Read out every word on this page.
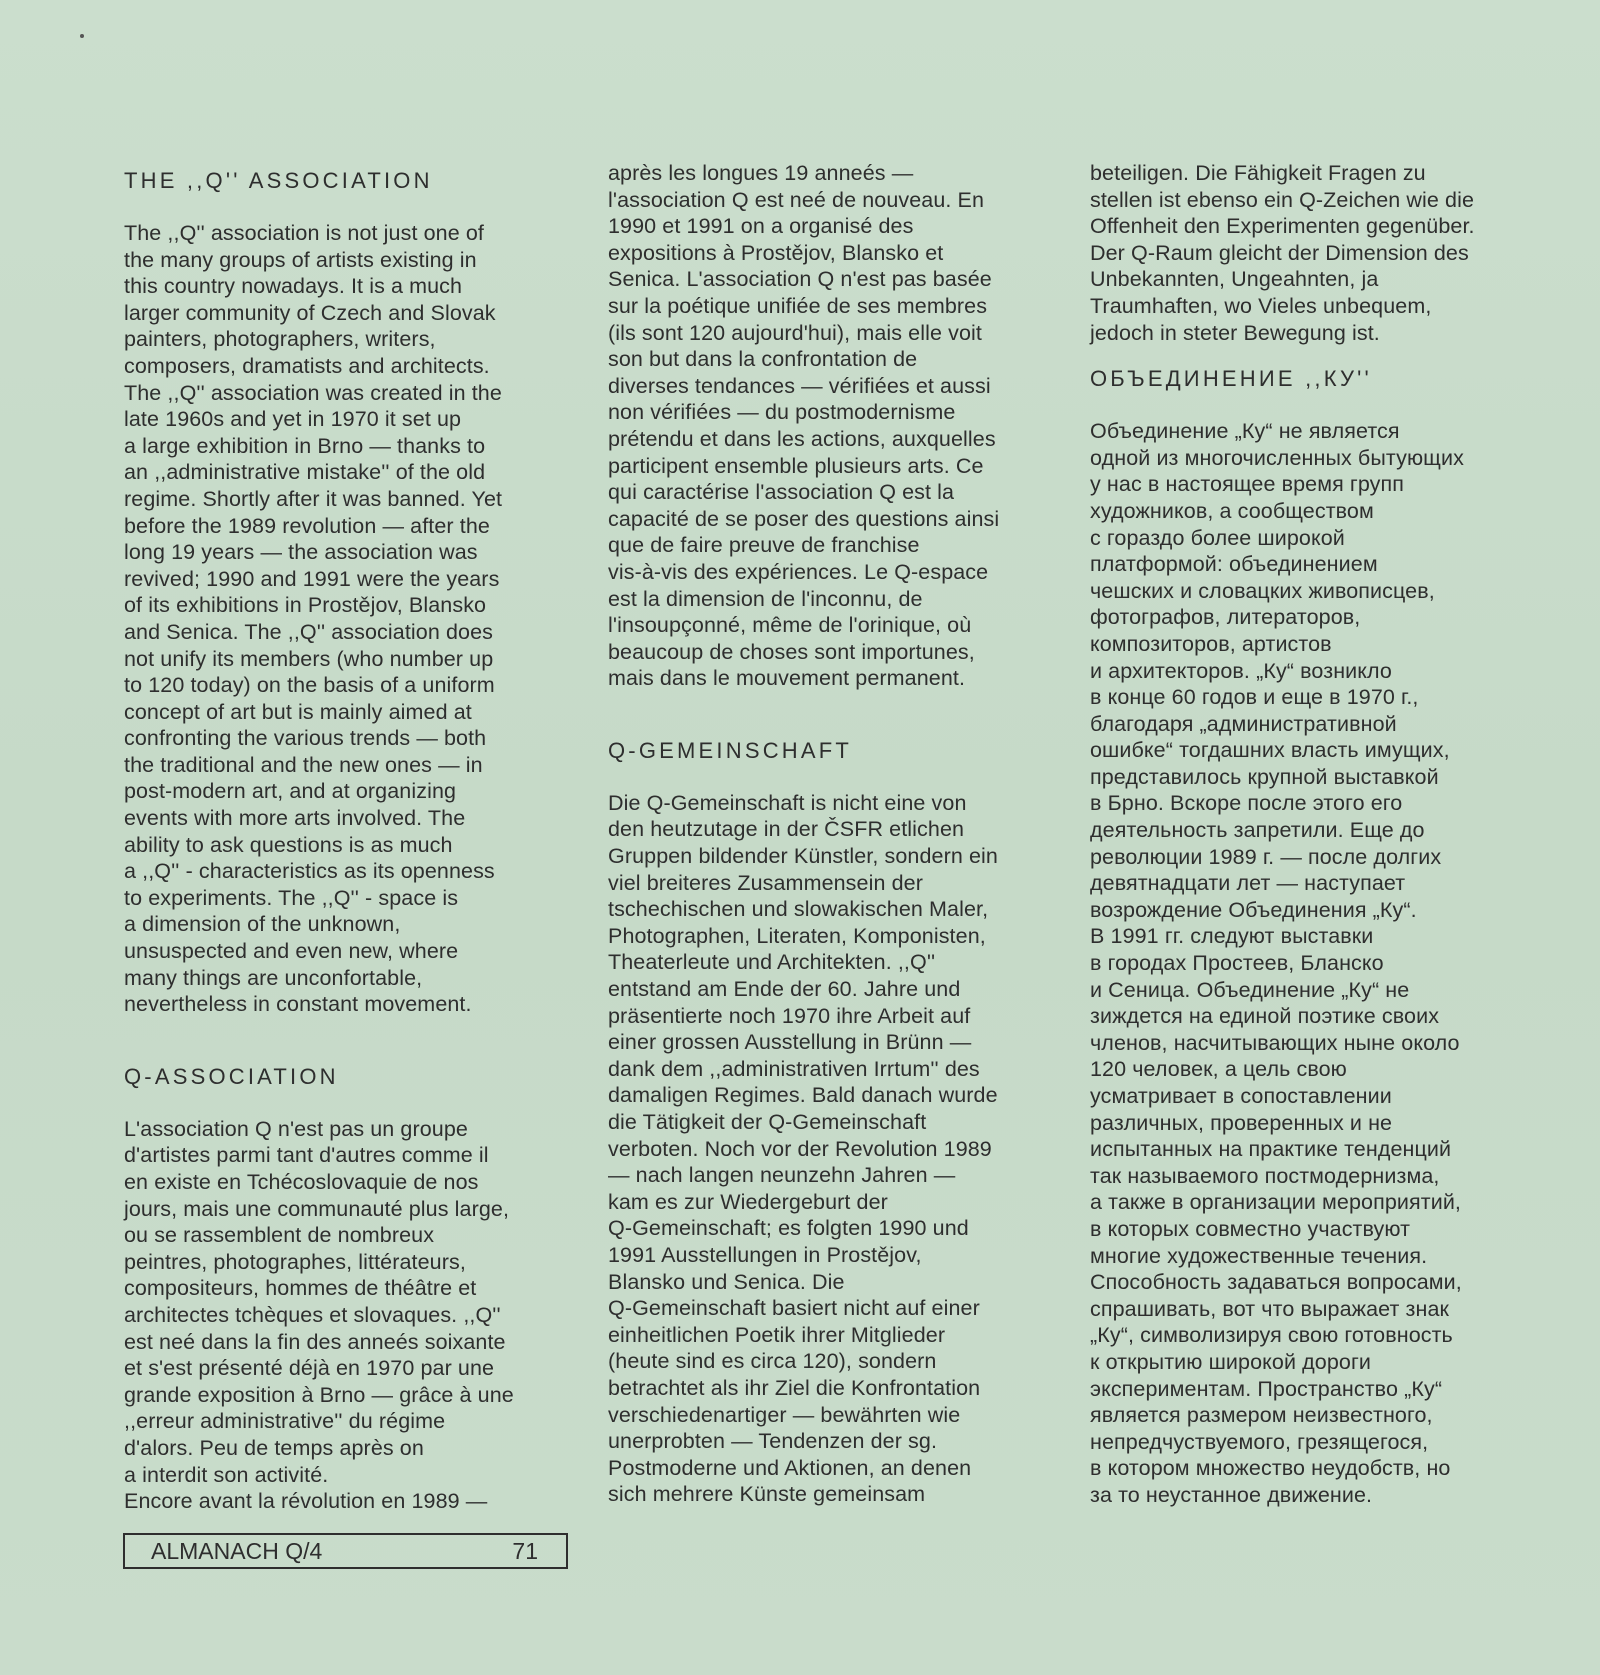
THE ,,Q'' ASSOCIATION
The ,,Q'' association is not just one of
the many groups of artists existing in
this country nowadays. It is a much
larger community of Czech and Slovak
painters, photographers, writers,
composers, dramatists and architects.
The ,,Q'' association was created in the
late 1960s and yet in 1970 it set up
a large exhibition in Brno — thanks to
an ,,administrative mistake'' of the old
regime. Shortly after it was banned. Yet
before the 1989 revolution — after the
long 19 years — the association was
revived; 1990 and 1991 were the years
of its exhibitions in Prostějov, Blansko
and Senica. The ,,Q'' association does
not unify its members (who number up
to 120 today) on the basis of a uniform
concept of art but is mainly aimed at
confronting the various trends — both
the traditional and the new ones — in
post-modern art, and at organizing
events with more arts involved. The
ability to ask questions is as much
a ,,Q'' - characteristics as its openness
to experiments. The ,,Q'' - space is
a dimension of the unknown,
unsuspected and even new, where
many things are unconfortable,
nevertheless in constant movement.
Q-ASSOCIATION
L'association Q n'est pas un groupe
d'artistes parmi tant d'autres comme il
en existe en Tchécoslovaquie de nos
jours, mais une communauté plus large,
ou se rassemblent de nombreux
peintres, photographes, littérateurs,
compositeurs, hommes de théâtre et
architectes tchèques et slovaques. ,,Q''
est neé dans la fin des anneés soixante
et s'est présenté déjà en 1970 par une
grande exposition à Brno — grâce à une
,,erreur administrative'' du régime
d'alors. Peu de temps après on
a interdit son activité.
Encore avant la révolution en 1989 —
après les longues 19 anneés —
l'association Q est neé de nouveau. En
1990 et 1991 on a organisé des
expositions à Prostějov, Blansko et
Senica. L'association Q n'est pas basée
sur la poétique unifiée de ses membres
(ils sont 120 aujourd'hui), mais elle voit
son but dans la confrontation de
diverses tendances — vérifiées et aussi
non vérifiées — du postmodernisme
prétendu et dans les actions, auxquelles
participent ensemble plusieurs arts. Ce
qui caractérise l'association Q est la
capacité de se poser des questions ainsi
que de faire preuve de franchise
vis-à-vis des expériences. Le Q-espace
est la dimension de l'inconnu, de
l'insoupçonné, même de l'orinique, où
beaucoup de choses sont importunes,
mais dans le mouvement permanent.
Q-GEMEINSCHAFT
Die Q-Gemeinschaft is nicht eine von
den heutzutage in der ČSFR etlichen
Gruppen bildender Künstler, sondern ein
viel breiteres Zusammensein der
tschechischen und slowakischen Maler,
Photographen, Literaten, Komponisten,
Theaterleute und Architekten. ,,Q''
entstand am Ende der 60. Jahre und
präsentierte noch 1970 ihre Arbeit auf
einer grossen Ausstellung in Brünn —
dank dem ,,administrativen Irrtum'' des
damaligen Regimes. Bald danach wurde
die Tätigkeit der Q-Gemeinschaft
verboten. Noch vor der Revolution 1989
— nach langen neunzehn Jahren —
kam es zur Wiedergeburt der
Q-Gemeinschaft; es folgten 1990 und
1991 Ausstellungen in Prostějov,
Blansko und Senica. Die
Q-Gemeinschaft basiert nicht auf einer
einheitlichen Poetik ihrer Mitglieder
(heute sind es circa 120), sondern
betrachtet als ihr Ziel die Konfrontation
verschiedenartiger — bewährten wie
unerprobten — Tendenzen der sg.
Postmoderne und Aktionen, an denen
sich mehrere Künste gemeinsam
beteiligen. Die Fähigkeit Fragen zu
stellen ist ebenso ein Q-Zeichen wie die
Offenheit den Experimenten gegenüber.
Der Q-Raum gleicht der Dimension des
Unbekannten, Ungeahnten, ja
Traumhaften, wo Vieles unbequem,
jedoch in steter Bewegung ist.
ОБЪЕДИНЕНИЕ ,,КУ''
Объединение „Ку“ не является
одной из многочисленных бытующих
у нас в настоящее время групп
художников, а сообществом
с гораздо более широкой
платформой: объединением
чешских и словацких живописцев,
фотографов, литераторов,
композиторов, артистов
и архитекторов. „Ку“ возникло
в конце 60 годов и еще в 1970 г.,
благодаря „административной
ошибке“ тогдашних власть имущих,
представилось крупной выставкой
в Брно. Вскоре после этого его
деятельность запретили. Еще до
революции 1989 г. — после долгих
девятнадцати лет — наступает
возрождение Объединения „Ку“.
В 1991 гг. следуют выставки
в городах Простеев, Бланско
и Сеница. Объединение „Ку“ не
зиждется на единой поэтике своих
членов, насчитывающих ныне около
120 человек, а цель свою
усматривает в сопоставлении
различных, проверенных и не
испытанных на практике тенденций
так называемого постмодернизма,
а также в организации мероприятий,
в которых совместно участвуют
многие художественные течения.
Способность задаваться вопросами,
спрашивать, вот что выражает знак
„Ку“, символизируя свою готовность
к открытию широкой дороги
экспериментам. Пространство „Ку“
является размером неизвестного,
непредчуствуемого, грезящегося,
в котором множество неудобств, но
за то неустанное движение.
ALMANACH Q/4	71
